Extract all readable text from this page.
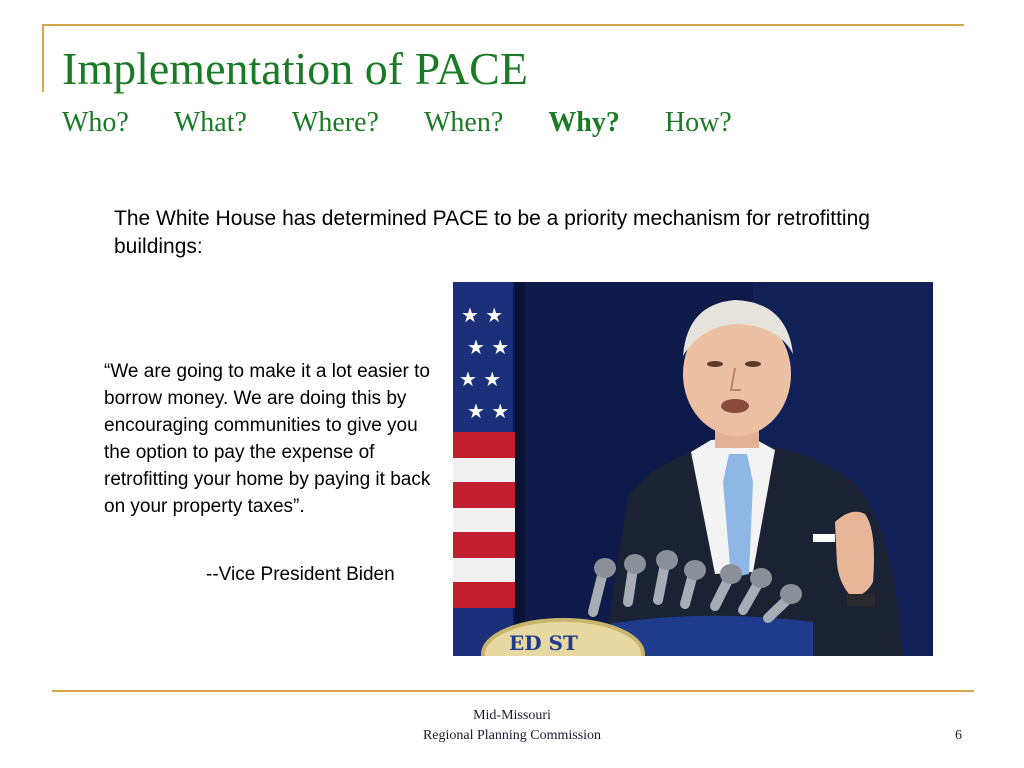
Implementation of PACE
Who? What? Where? When? Why? How?
The White House has determined PACE to be a priority mechanism for retrofitting buildings:
“We are going to make it a lot easier to borrow money. We are doing this by encouraging communities to give you the option to pay the expense of retrofitting your home by paying it back on your property taxes”.
--Vice President Biden
★ ★
★ ★
★ ★
★ ★
ED ST
Mid-Missouri
Regional Planning Commission	6
